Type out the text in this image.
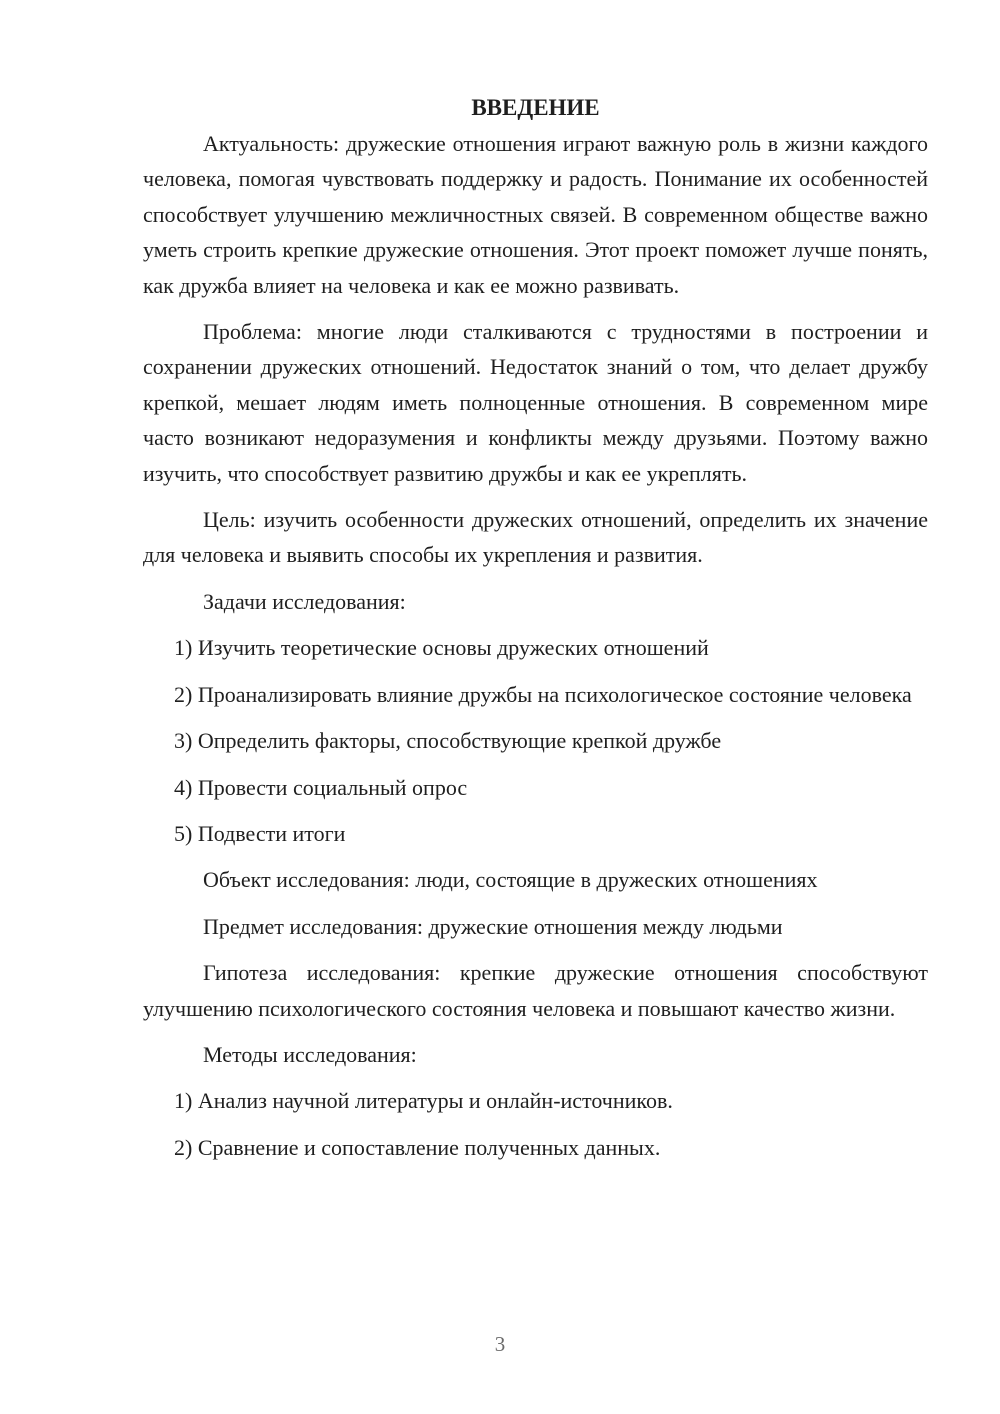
ВВЕДЕНИЕ

Актуальность: дружеские отношения играют важную роль в жизни каждого человека, помогая чувствовать поддержку и радость. Понимание их особенностей способствует улучшению межличностных связей. В современном обществе важно уметь строить крепкие дружеские отношения. Этот проект поможет лучше понять, как дружба влияет на человека и как ее можно развивать.

Проблема: многие люди сталкиваются с трудностями в построении и сохранении дружеских отношений. Недостаток знаний о том, что делает дружбу крепкой, мешает людям иметь полноценные отношения. В современном мире часто возникают недоразумения и конфликты между друзьями. Поэтому важно изучить, что способствует развитию дружбы и как ее укреплять.

Цель: изучить особенности дружеских отношений, определить их значение для человека и выявить способы их укрепления и развития.

Задачи исследования:

1) Изучить теоретические основы дружеских отношений

2) Проанализировать влияние дружбы на психологическое состояние человека

3) Определить факторы, способствующие крепкой дружбе

4) Провести социальный опрос

5) Подвести итоги

Объект исследования: люди, состоящие в дружеских отношениях

Предмет исследования: дружеские отношения между людьми

Гипотеза исследования: крепкие дружеские отношения способствуют улучшению психологического состояния человека и повышают качество жизни.

Методы исследования:

1) Анализ научной литературы и онлайн-источников.

2) Сравнение и сопоставление полученных данных.

3
